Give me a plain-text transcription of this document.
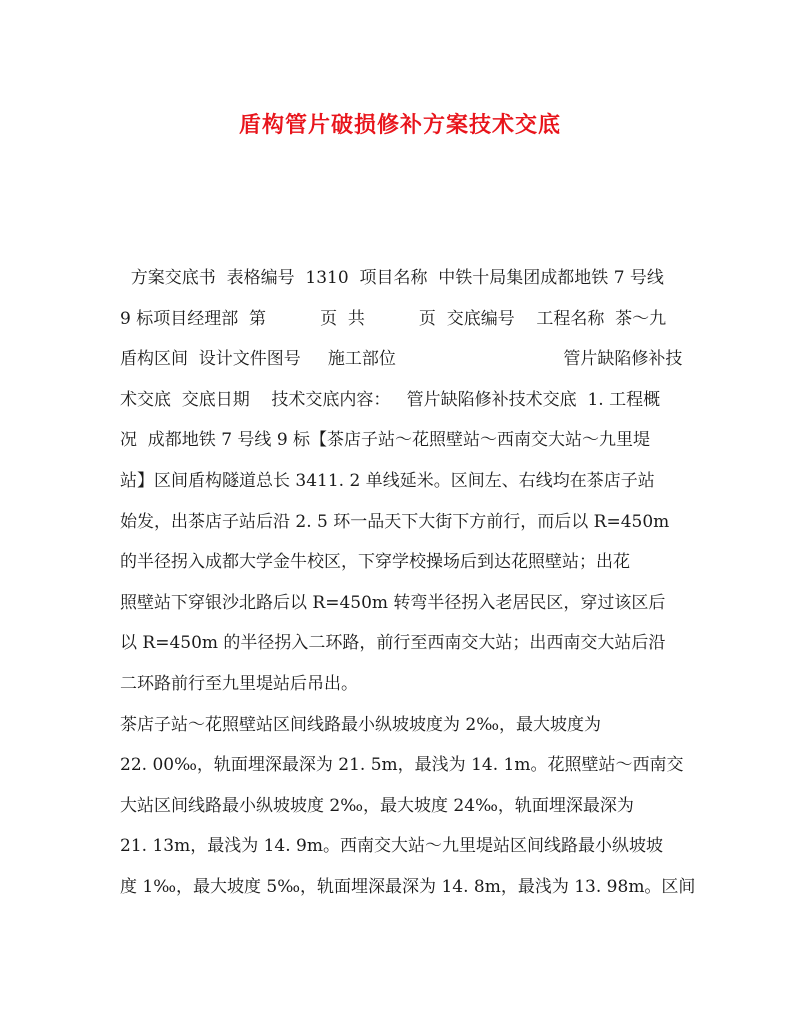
盾构管片破损修补方案技术交底
方案交底书  表格编号  1310  项目名称  中铁十局集团成都地铁 7 号线
9 标项目经理部  第          页  共          页  交底编号    工程名称  茶～九
盾构区间  设计文件图号     施工部位                               管片缺陷修补技
术交底  交底日期    技术交底内容：   管片缺陷修补技术交底  1. 工程概
况  成都地铁 7 号线 9 标【茶店子站～花照壁站～西南交大站～九里堤
站】区间盾构隧道总长 3411. 2 单线延米。区间左、右线均在茶店子站
始发，出茶店子站后沿 2. 5 环一品天下大街下方前行，而后以 R=450m
的半径拐入成都大学金牛校区，下穿学校操场后到达花照壁站；出花
照壁站下穿银沙北路后以 R=450m 转弯半径拐入老居民区，穿过该区后
以 R=450m 的半径拐入二环路，前行至西南交大站；出西南交大站后沿
二环路前行至九里堤站后吊出。
茶店子站～花照壁站区间线路最小纵坡坡度为 2‰，最大坡度为
22. 00‰，轨面埋深最深为 21. 5m，最浅为 14. 1m。花照壁站～西南交
大站区间线路最小纵坡坡度 2‰，最大坡度 24‰，轨面埋深最深为
21. 13m，最浅为 14. 9m。西南交大站～九里堤站区间线路最小纵坡坡
度 1‰，最大坡度 5‰，轨面埋深最深为 14. 8m，最浅为 13. 98m。区间
